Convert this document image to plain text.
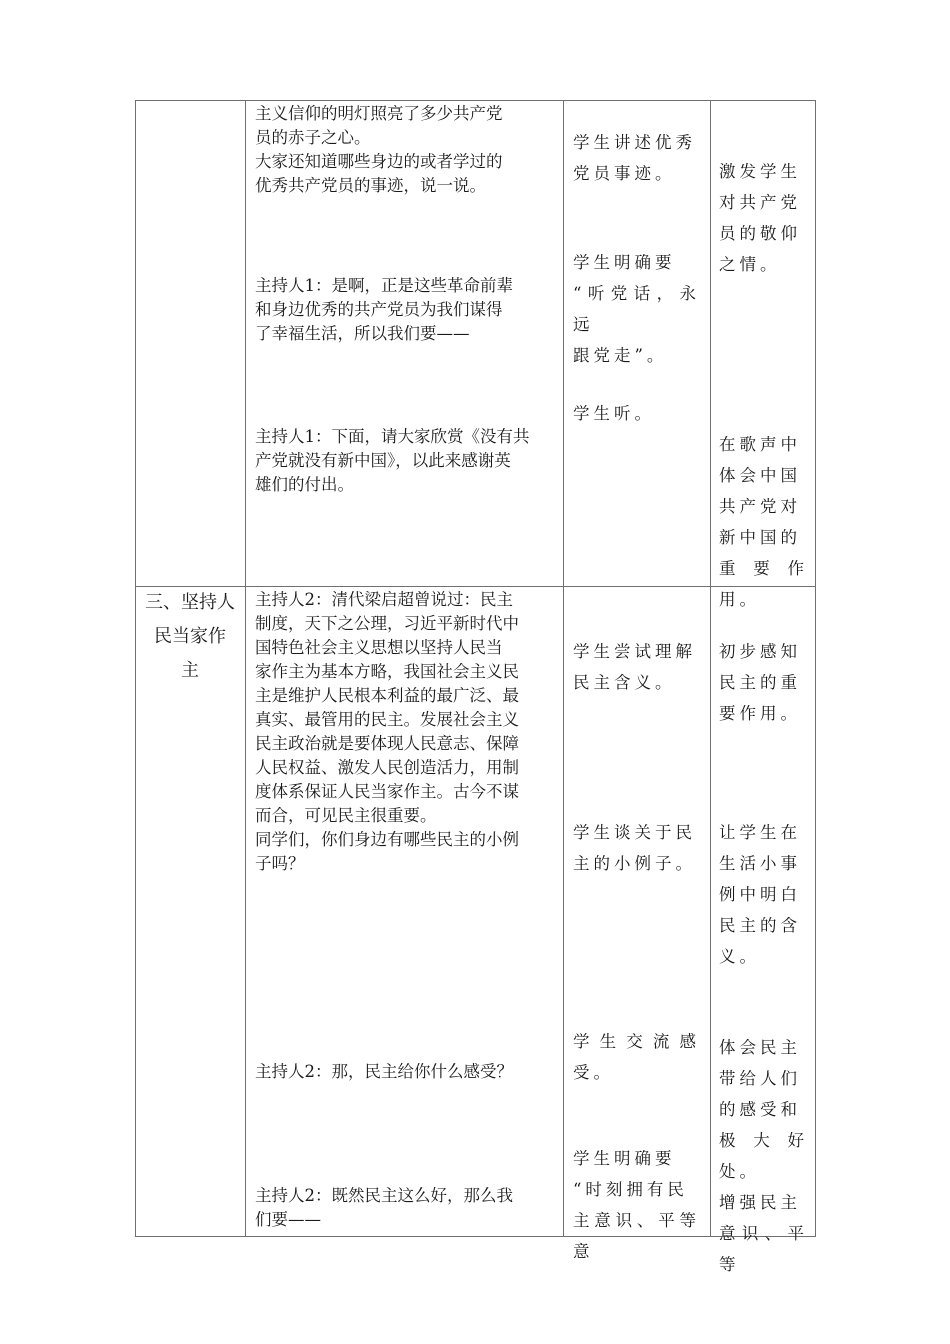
主义信仰的明灯照亮了多少共产党
员的赤子之心。
大家还知道哪些身边的或者学过的
优秀共产党员的事迹，说一说。
主持人1：是啊，正是这些革命前辈
和身边优秀的共产党员为我们谋得
了幸福生活，所以我们要——
主持人1：下面，请大家欣赏《没有共
产党就没有新中国》，以此来感谢英
雄们的付出。
学生讲述优秀
党员事迹。
学生明确要
“听党话，永远
跟党走”。
学生听。
激发学生
对共产党
员的敬仰
之情。
在歌声中
体会中国
共产党对
新中国的
重要作用。
三、坚持人
民当家作
主
主持人2：清代梁启超曾说过：民主
制度，天下之公理，习近平新时代中
国特色社会主义思想以坚持人民当
家作主为基本方略，我国社会主义民
主是维护人民根本利益的最广泛、最
真实、最管用的民主。发展社会主义
民主政治就是要体现人民意志、保障
人民权益、激发人民创造活力，用制
度体系保证人民当家作主。古今不谋
而合，可见民主很重要。
同学们，你们身边有哪些民主的小例
子吗？
主持人2：那，民主给你什么感受？
主持人2：既然民主这么好，那么我
们要——
学生尝试理解
民主含义。
学生谈关于民
主的小例子。
学生交流感受。
学生明确要
“时刻拥有民
主意识、平等意
初步感知
民主的重
要作用。
让学生在
生活小事
例中明白
民主的含
义。
体会民主
带给人们
的感受和
极大好处。
增强民主
意识、平等
